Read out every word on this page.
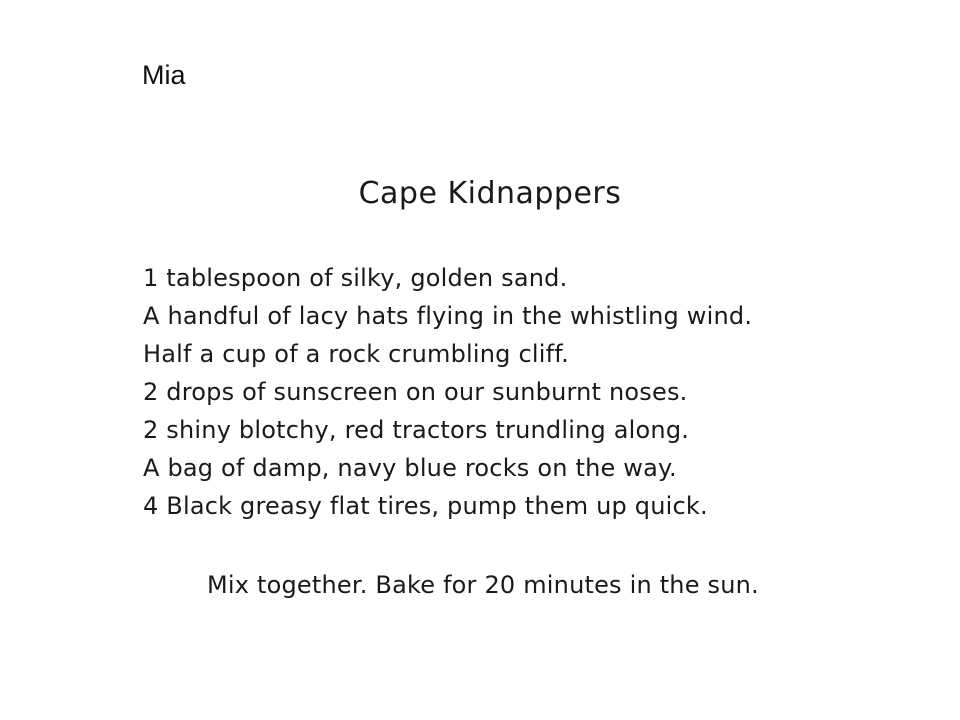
Mia
Cape Kidnappers
1 tablespoon of silky, golden sand.
A handful of lacy hats flying in the whistling wind.
Half a cup of a rock crumbling cliff.
2 drops of sunscreen on our sunburnt noses.
2 shiny blotchy, red tractors trundling along.
A bag of damp, navy blue rocks on the way.
4 Black greasy flat tires, pump them up quick.
Mix together. Bake for 20 minutes in the sun.
